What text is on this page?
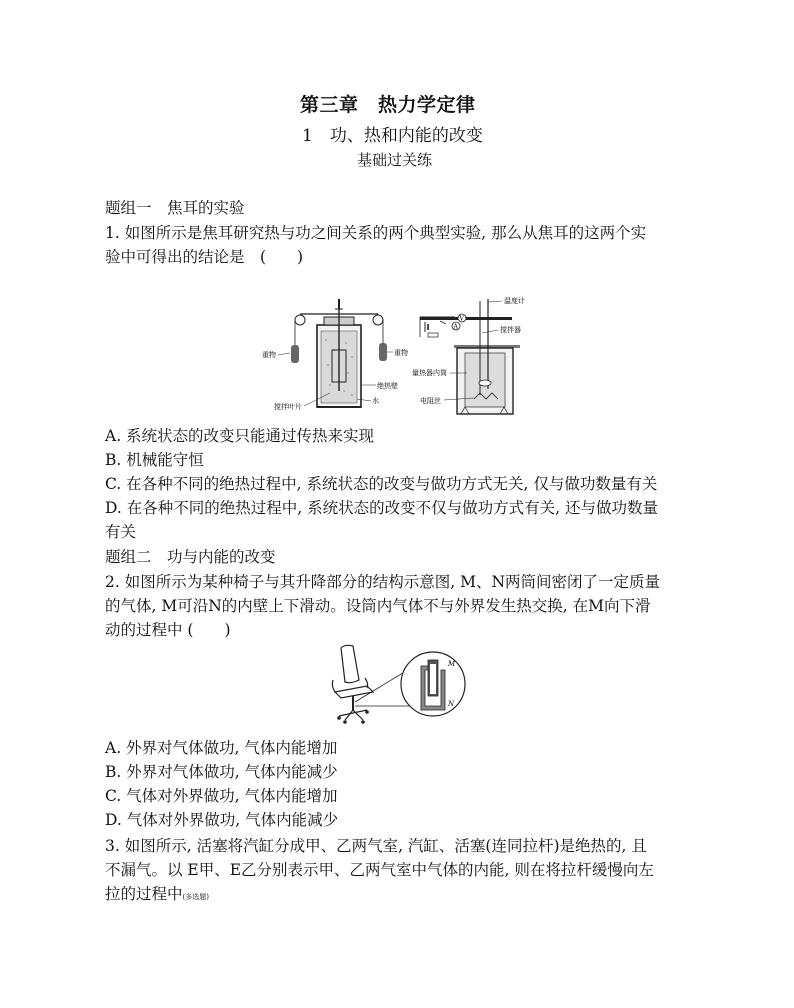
第三章　热力学定律
1　功、热和内能的改变
基础过关练
题组一　焦耳的实验
1. 如图所示是焦耳研究热与功之间关系的两个典型实验, 那么从焦耳的这两个实
验中可得出的结论是　(　　)
重物	重物
绝热壁
水
搅拌叶片
A
V
温度计
搅拌器
量热器内筒
电阻丝
A. 系统状态的改变只能通过传热来实现
B. 机械能守恒
C. 在各种不同的绝热过程中, 系统状态的改变与做功方式无关, 仅与做功数量有关
D. 在各种不同的绝热过程中, 系统状态的改变不仅与做功方式有关, 还与做功数量
有关
题组二　功与内能的改变
2. 如图所示为某种椅子与其升降部分的结构示意图, M、N两筒间密闭了一定质量
的气体, M可沿N的内壁上下滑动。设筒内气体不与外界发生热交换, 在M向下滑
动的过程中 (　　)
M
N
A. 外界对气体做功, 气体内能增加
B. 外界对气体做功, 气体内能减少
C. 气体对外界做功, 气体内能增加
D. 气体对外界做功, 气体内能减少
3. 如图所示, 活塞将汽缸分成甲、乙两气室, 汽缸、活塞(连同拉杆)是绝热的, 且
不漏气。以 E甲、E乙分别表示甲、乙两气室中气体的内能, 则在将拉杆缓慢向左
拉的过程中(多选题)
